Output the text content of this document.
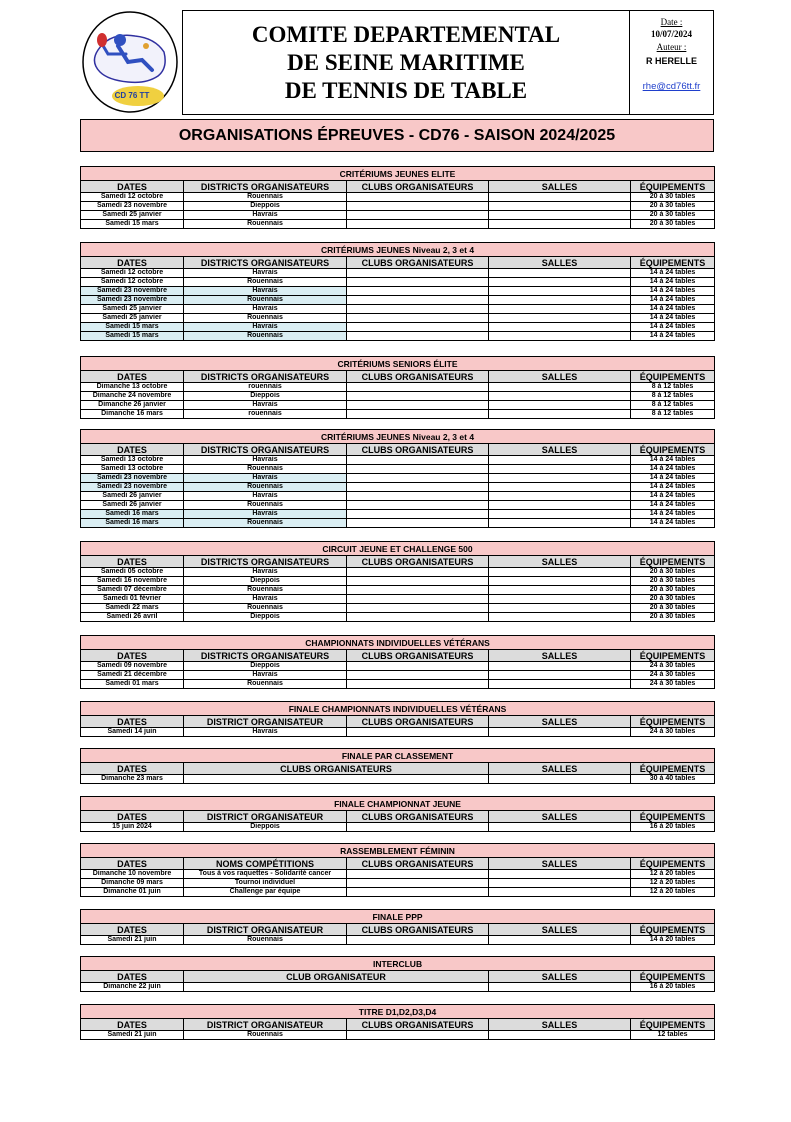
CD 76 TT
COMITE DEPARTEMENTAL
DE SEINE MARITIME
DE TENNIS DE TABLE
Date :
10/07/2024
Auteur :
R HERELLE
rhe@cd76tt.fr
ORGANISATIONS ÉPREUVES - CD76 - SAISON 2024/2025
CRITÉRIUMS JEUNES ELITE				
DATES	DISTRICTS ORGANISATEURS	CLUBS ORGANISATEURS	SALLES	ÉQUIPEMENTS
Samedi 12 octobre	Rouennais			20 à 30 tables
Samedi 23 novembre	Dieppois			20 à 30 tables
Samedi 25 janvier	Havrais			20 à 30 tables
Samedi 15 mars	Rouennais			20 à 30 tables
CRITÉRIUMS JEUNES Niveau 2, 3 et 4				
DATES	DISTRICTS ORGANISATEURS	CLUBS ORGANISATEURS	SALLES	ÉQUIPEMENTS
Samedi 12 octobre	Havrais			14 à 24 tables
Samedi 12 octobre	Rouennais			14 à 24 tables
Samedi 23 novembre	Havrais			14 à 24 tables
Samedi 23 novembre	Rouennais			14 à 24 tables
Samedi 25 janvier	Havrais			14 à 24 tables
Samedi 25 janvier	Rouennais			14 à 24 tables
Samedi 15 mars	Havrais			14 à 24 tables
Samedi 15 mars	Rouennais			14 à 24 tables
CRITÉRIUMS SENIORS ÉLITE				
DATES	DISTRICTS ORGANISATEURS	CLUBS ORGANISATEURS	SALLES	ÉQUIPEMENTS
Dimanche 13 octobre	rouennais			8 à 12 tables
Dimanche 24 novembre	Dieppois			8 à 12 tables
Dimanche 26 janvier	Havrais			8 à 12 tables
Dimanche 16 mars	rouennais			8 à 12 tables
CRITÉRIUMS JEUNES Niveau 2, 3 et 4				
DATES	DISTRICTS ORGANISATEURS	CLUBS ORGANISATEURS	SALLES	ÉQUIPEMENTS
Samedi 13 octobre	Havrais			14 à 24 tables
Samedi 13 octobre	Rouennais			14 à 24 tables
Samedi 23 novembre	Havrais			14 à 24 tables
Samedi 23 novembre	Rouennais			14 à 24 tables
Samedi 26 janvier	Havrais			14 à 24 tables
Samedi 26 janvier	Rouennais			14 à 24 tables
Samedi 16 mars	Havrais			14 à 24 tables
Samedi 16 mars	Rouennais			14 à 24 tables
CIRCUIT JEUNE ET CHALLENGE 500				
DATES	DISTRICTS ORGANISATEURS	CLUBS ORGANISATEURS	SALLES	ÉQUIPEMENTS
Samedi 05 octobre	Havrais			20 à 30 tables
Samedi 16 novembre	Dieppois			20 à 30 tables
Samedi 07 décembre	Rouennais			20 à 30 tables
Samedi 01 février	Havrais			20 à 30 tables
Samedi 22 mars	Rouennais			20 à 30 tables
Samedi 26 avril	Dieppois			20 à 30 tables
CHAMPIONNATS INDIVIDUELLES VÉTÉRANS				
DATES	DISTRICTS ORGANISATEURS	CLUBS ORGANISATEURS	SALLES	ÉQUIPEMENTS
Samedi 09 novembre	Dieppois			24 à 30 tables
Samedi 21 décembre	Havrais			24 à 30 tables
Samedi 01 mars	Rouennais			24 à 30 tables
FINALE CHAMPIONNATS INDIVIDUELLES VÉTÉRANS				
DATES	DISTRICT ORGANISATEUR	CLUBS ORGANISATEURS	SALLES	ÉQUIPEMENTS
Samedi 14 juin	Havrais			24 à 30 tables
FINALE PAR CLASSEMENT			
DATES	CLUBS ORGANISATEURS	SALLES	ÉQUIPEMENTS
Dimanche 23 mars			30 à 40 tables
FINALE CHAMPIONNAT JEUNE				
DATES	DISTRICT ORGANISATEUR	CLUBS ORGANISATEURS	SALLES	ÉQUIPEMENTS
15 juin 2024	Dieppois			16 à 20 tables
RASSEMBLEMENT FÉMININ				
DATES	NOMS COMPÉTITIONS	CLUBS ORGANISATEURS	SALLES	ÉQUIPEMENTS
Dimanche 10 novembre	Tous à vos raquettes - Solidarité cancer			12 à 20 tables
Dimanche 09 mars	Tournoi individuel			12 à 20 tables
Dimanche 01 juin	Challenge par équipe			12 à 20 tables
FINALE PPP				
DATES	DISTRICT ORGANISATEUR	CLUBS ORGANISATEURS	SALLES	ÉQUIPEMENTS
Samedi 21 juin	Rouennais			14 à 20 tables
INTERCLUB			
DATES	CLUB ORGANISATEUR	SALLES	ÉQUIPEMENTS
Dimanche 22 juin			16 à 20 tables
TITRE D1,D2,D3,D4				
DATES	DISTRICT ORGANISATEUR	CLUBS ORGANISATEURS	SALLES	ÉQUIPEMENTS
Samedi 21 juin	Rouennais			12 tables
